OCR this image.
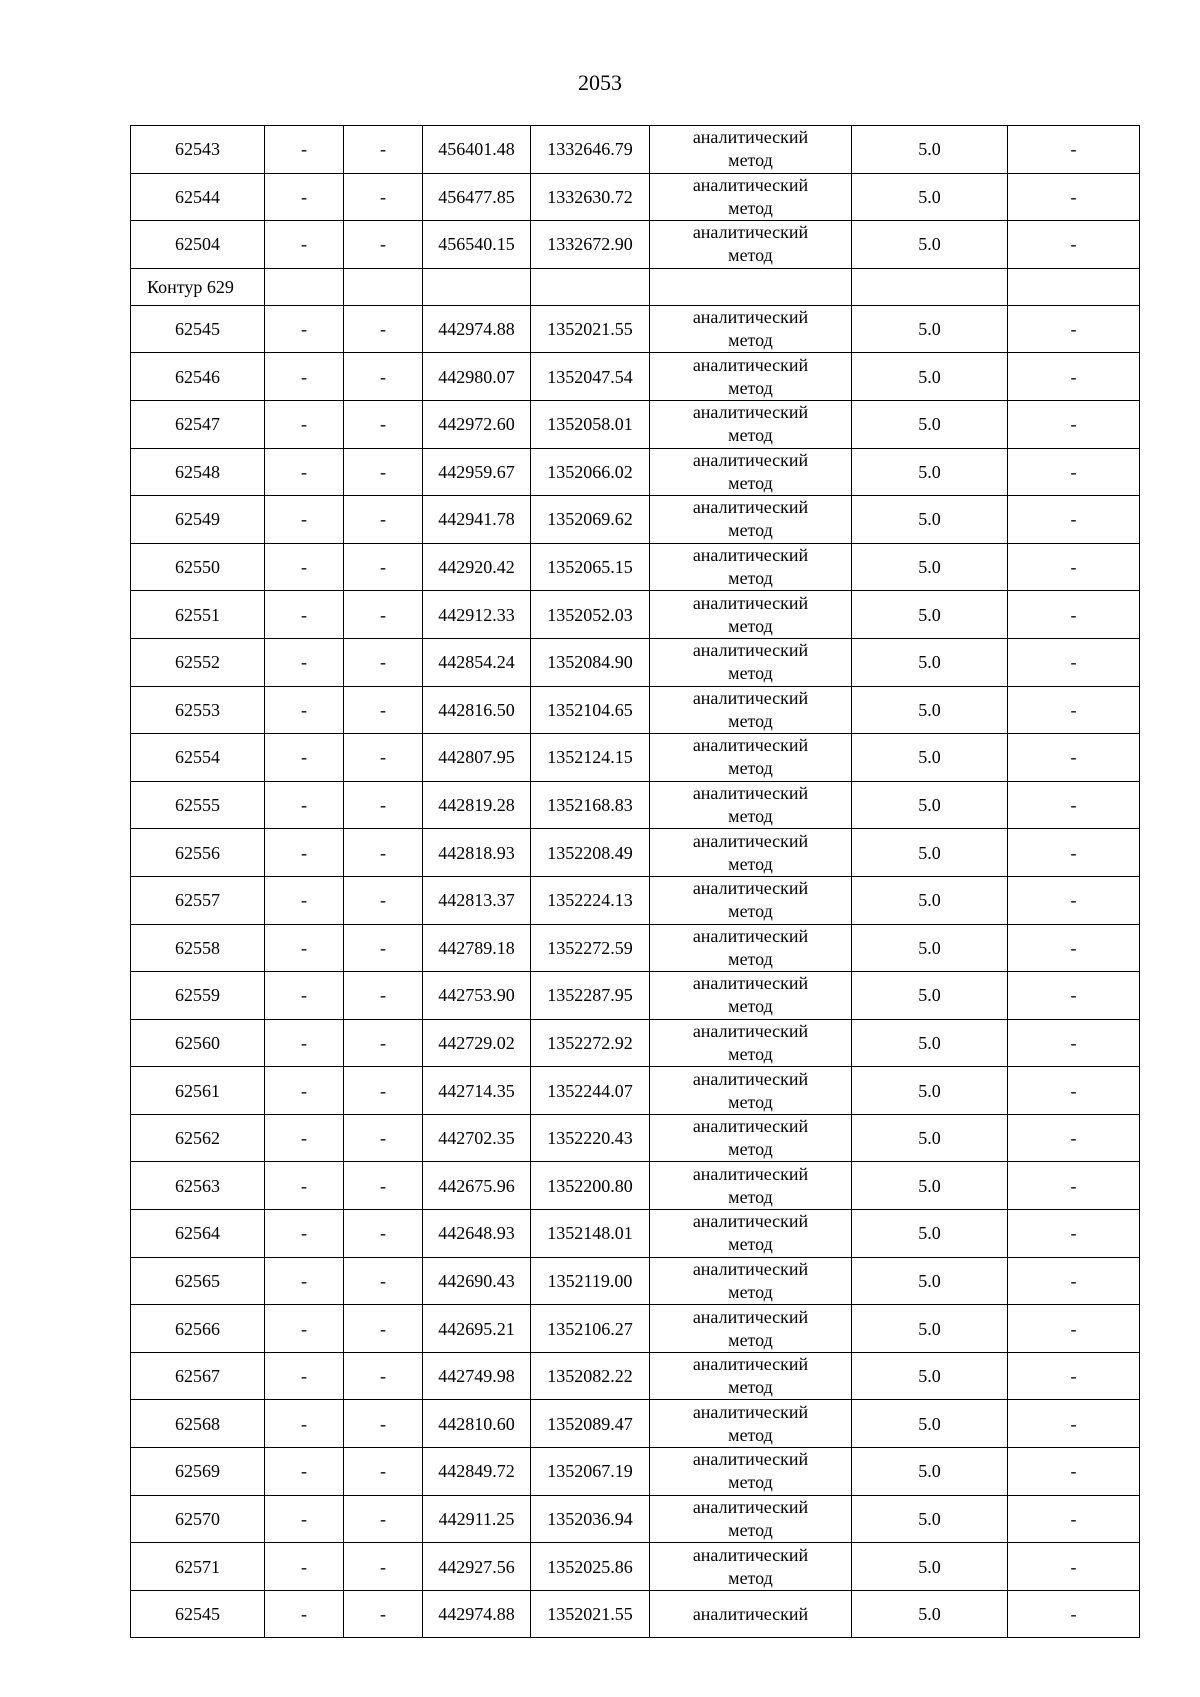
2053
62543	-	-	456401.48	1332646.79	аналитический метод	5.0	-
62544	-	-	456477.85	1332630.72	аналитический метод	5.0	-
62504	-	-	456540.15	1332672.90	аналитический метод	5.0	-
Контур 629							
62545	-	-	442974.88	1352021.55	аналитический метод	5.0	-
62546	-	-	442980.07	1352047.54	аналитический метод	5.0	-
62547	-	-	442972.60	1352058.01	аналитический метод	5.0	-
62548	-	-	442959.67	1352066.02	аналитический метод	5.0	-
62549	-	-	442941.78	1352069.62	аналитический метод	5.0	-
62550	-	-	442920.42	1352065.15	аналитический метод	5.0	-
62551	-	-	442912.33	1352052.03	аналитический метод	5.0	-
62552	-	-	442854.24	1352084.90	аналитический метод	5.0	-
62553	-	-	442816.50	1352104.65	аналитический метод	5.0	-
62554	-	-	442807.95	1352124.15	аналитический метод	5.0	-
62555	-	-	442819.28	1352168.83	аналитический метод	5.0	-
62556	-	-	442818.93	1352208.49	аналитический метод	5.0	-
62557	-	-	442813.37	1352224.13	аналитический метод	5.0	-
62558	-	-	442789.18	1352272.59	аналитический метод	5.0	-
62559	-	-	442753.90	1352287.95	аналитический метод	5.0	-
62560	-	-	442729.02	1352272.92	аналитический метод	5.0	-
62561	-	-	442714.35	1352244.07	аналитический метод	5.0	-
62562	-	-	442702.35	1352220.43	аналитический метод	5.0	-
62563	-	-	442675.96	1352200.80	аналитический метод	5.0	-
62564	-	-	442648.93	1352148.01	аналитический метод	5.0	-
62565	-	-	442690.43	1352119.00	аналитический метод	5.0	-
62566	-	-	442695.21	1352106.27	аналитический метод	5.0	-
62567	-	-	442749.98	1352082.22	аналитический метод	5.0	-
62568	-	-	442810.60	1352089.47	аналитический метод	5.0	-
62569	-	-	442849.72	1352067.19	аналитический метод	5.0	-
62570	-	-	442911.25	1352036.94	аналитический метод	5.0	-
62571	-	-	442927.56	1352025.86	аналитический метод	5.0	-
62545	-	-	442974.88	1352021.55	аналитический	5.0	-
